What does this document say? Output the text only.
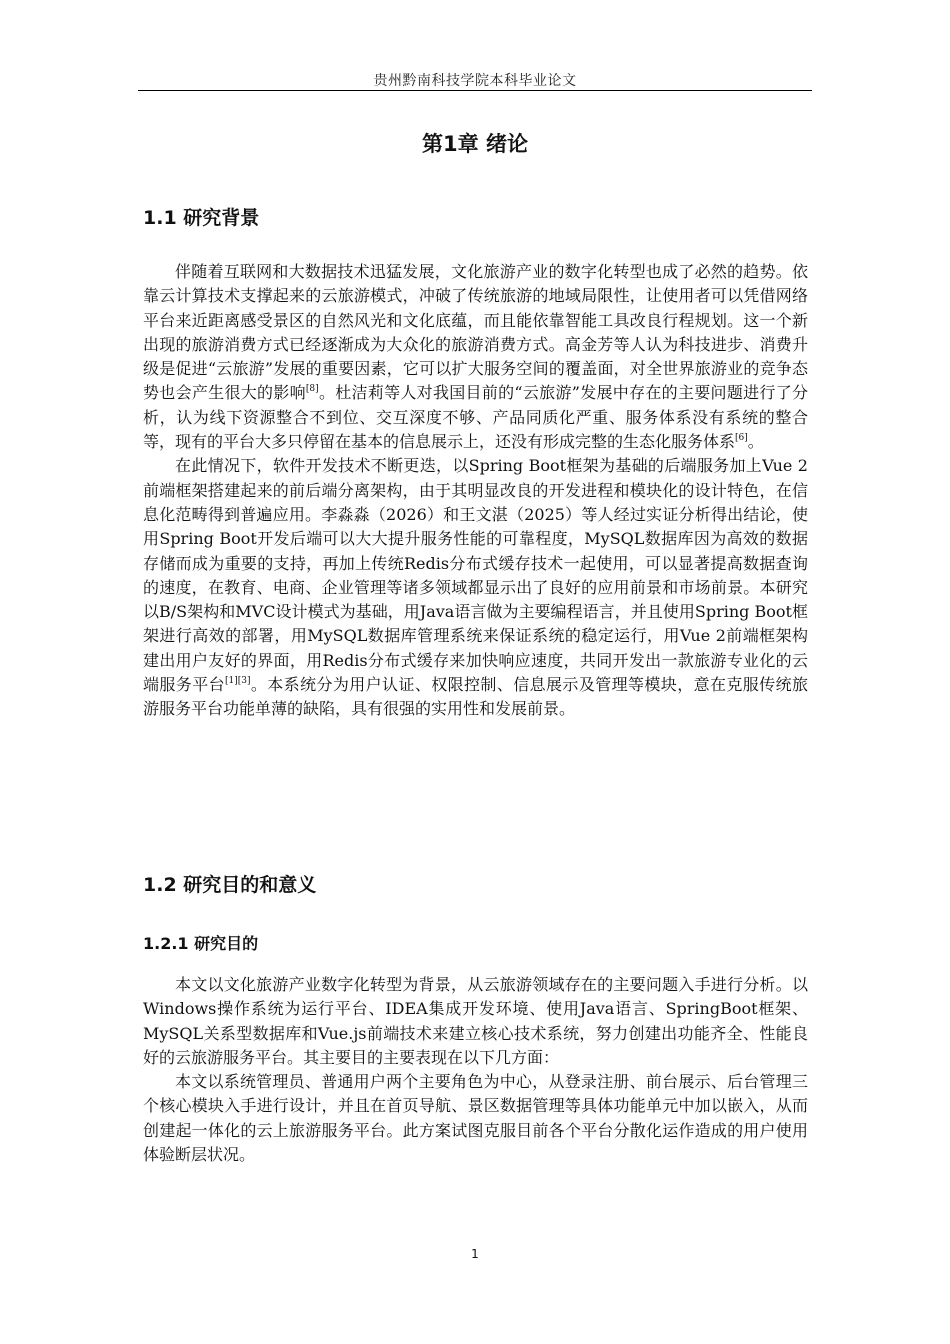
贵州黔南科技学院本科毕业论文
第1章 绪论
1.1 研究背景

伴随着互联网和大数据技术迅猛发展，文化旅游产业的数字化转型也成了必然的趋势。依靠云计算技术支撑起来的云旅游模式，冲破了传统旅游的地域局限性，让使用者可以凭借网络平台来近距离感受景区的自然风光和文化底蕴，而且能依靠智能工具改良行程规划。这一个新出现的旅游消费方式已经逐渐成为大众化的旅游消费方式。高金芳等人认为科技进步、消费升级是促进“云旅游”发展的重要因素，它可以扩大服务空间的覆盖面，对全世界旅游业的竞争态势也会产生很大的影响[8]。杜洁莉等人对我国目前的“云旅游”发展中存在的主要问题进行了分析，认为线下资源整合不到位、交互深度不够、产品同质化严重、服务体系没有系统的整合等，现有的平台大多只停留在基本的信息展示上，还没有形成完整的生态化服务体系[6]。

在此情况下，软件开发技术不断更迭，以Spring Boot框架为基础的后端服务加上Vue 2前端框架搭建起来的前后端分离架构，由于其明显改良的开发进程和模块化的设计特色，在信息化范畴得到普遍应用。李淼淼（2026）和王文湛（2025）等人经过实证分析得出结论，使用Spring Boot开发后端可以大大提升服务性能的可靠程度，MySQL数据库因为高效的数据存储而成为重要的支持，再加上传统Redis分布式缓存技术一起使用，可以显著提高数据查询的速度，在教育、电商、企业管理等诸多领域都显示出了良好的应用前景和市场前景。本研究以B/S架构和MVC设计模式为基础，用Java语言做为主要编程语言，并且使用Spring Boot框架进行高效的部署，用MySQL数据库管理系统来保证系统的稳定运行，用Vue 2前端框架构建出用户友好的界面，用Redis分布式缓存来加快响应速度，共同开发出一款旅游专业化的云端服务平台[1][3]。本系统分为用户认证、权限控制、信息展示及管理等模块，意在克服传统旅游服务平台功能单薄的缺陷，具有很强的实用性和发展前景。

1.2 研究目的和意义
1.2.1 研究目的

本文以文化旅游产业数字化转型为背景，从云旅游领域存在的主要问题入手进行分析。以Windows操作系统为运行平台、IDEA集成开发环境、使用Java语言、SpringBoot框架、MySQL关系型数据库和Vue.js前端技术来建立核心技术系统，努力创建出功能齐全、性能良好的云旅游服务平台。其主要目的主要表现在以下几方面：

本文以系统管理员、普通用户两个主要角色为中心，从登录注册、前台展示、后台管理三个核心模块入手进行设计，并且在首页导航、景区数据管理等具体功能单元中加以嵌入，从而创建起一体化的云上旅游服务平台。此方案试图克服目前各个平台分散化运作造成的用户使用体验断层状况。

1
